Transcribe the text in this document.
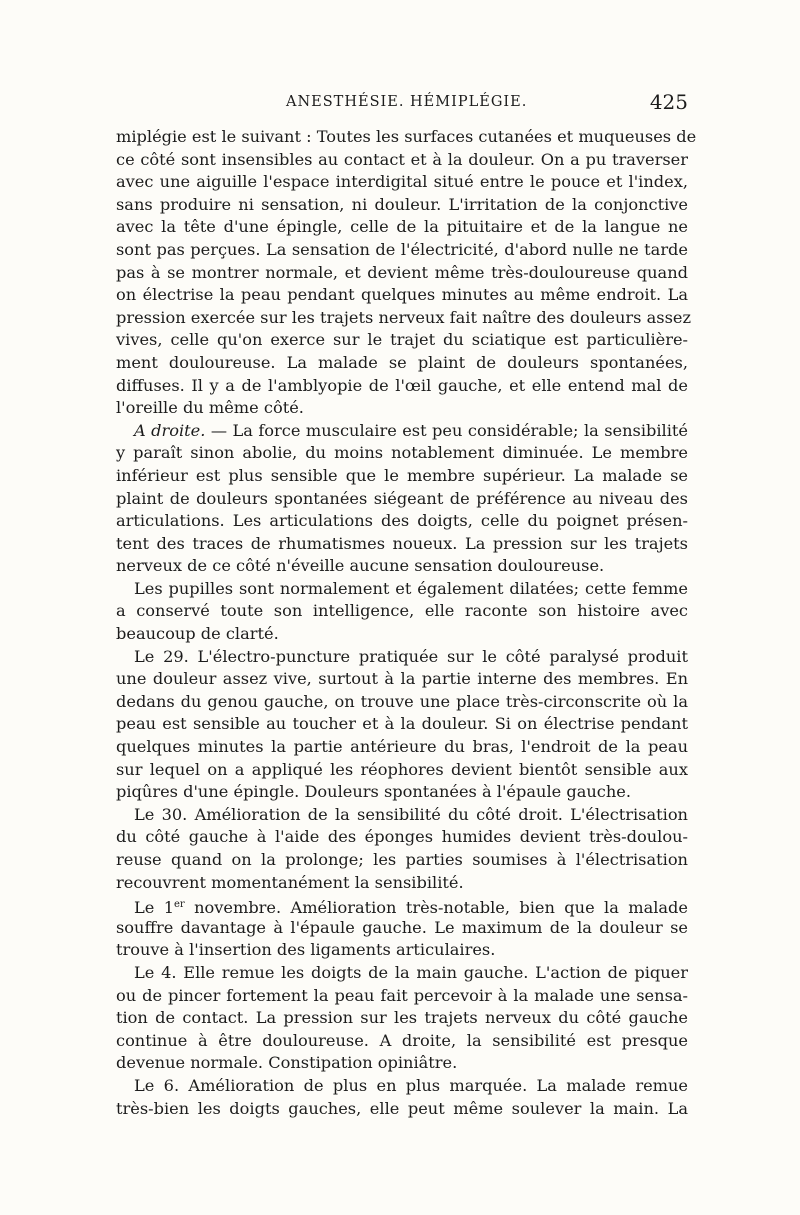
ANESTHÉSIE. HÉMIPLÉGIE.	425
miplégie est le suivant : Toutes les surfaces cutanées et muqueuses de
ce côté sont insensibles au contact et à la douleur. On a pu traverser
avec une aiguille l'espace interdigital situé entre le pouce et l'index,
sans produire ni sensation, ni douleur. L'irritation de la conjonctive
avec la tête d'une épingle, celle de la pituitaire et de la langue ne
sont pas perçues. La sensation de l'électricité, d'abord nulle ne tarde
pas à se montrer normale, et devient même très-douloureuse quand
on électrise la peau pendant quelques minutes au même endroit. La
pression exercée sur les trajets nerveux fait naître des douleurs assez
vives, celle qu'on exerce sur le trajet du sciatique est particulière-
ment douloureuse. La malade se plaint de douleurs spontanées,
diffuses. Il y a de l'amblyopie de l'œil gauche, et elle entend mal de
l'oreille du même côté.
A droite. — La force musculaire est peu considérable; la sensibilité
y paraît sinon abolie, du moins notablement diminuée. Le membre
inférieur est plus sensible que le membre supérieur. La malade se
plaint de douleurs spontanées siégeant de préférence au niveau des
articulations. Les articulations des doigts, celle du poignet présen-
tent des traces de rhumatismes noueux. La pression sur les trajets
nerveux de ce côté n'éveille aucune sensation douloureuse.
Les pupilles sont normalement et également dilatées; cette femme
a conservé toute son intelligence, elle raconte son histoire avec
beaucoup de clarté.
Le 29. L'électro-puncture pratiquée sur le côté paralysé produit
une douleur assez vive, surtout à la partie interne des membres. En
dedans du genou gauche, on trouve une place très-circonscrite où la
peau est sensible au toucher et à la douleur. Si on électrise pendant
quelques minutes la partie antérieure du bras, l'endroit de la peau
sur lequel on a appliqué les réophores devient bientôt sensible aux
piqûres d'une épingle. Douleurs spontanées à l'épaule gauche.
Le 30. Amélioration de la sensibilité du côté droit. L'électrisation
du côté gauche à l'aide des éponges humides devient très-doulou-
reuse quand on la prolonge; les parties soumises à l'électrisation
recouvrent momentanément la sensibilité.
Le 1er novembre. Amélioration très-notable, bien que la malade
souffre davantage à l'épaule gauche. Le maximum de la douleur se
trouve à l'insertion des ligaments articulaires.
Le 4. Elle remue les doigts de la main gauche. L'action de piquer
ou de pincer fortement la peau fait percevoir à la malade une sensa-
tion de contact. La pression sur les trajets nerveux du côté gauche
continue à être douloureuse. A droite, la sensibilité est presque
devenue normale. Constipation opiniâtre.
Le 6. Amélioration de plus en plus marquée. La malade remue
très-bien les doigts gauches, elle peut même soulever la main. La
